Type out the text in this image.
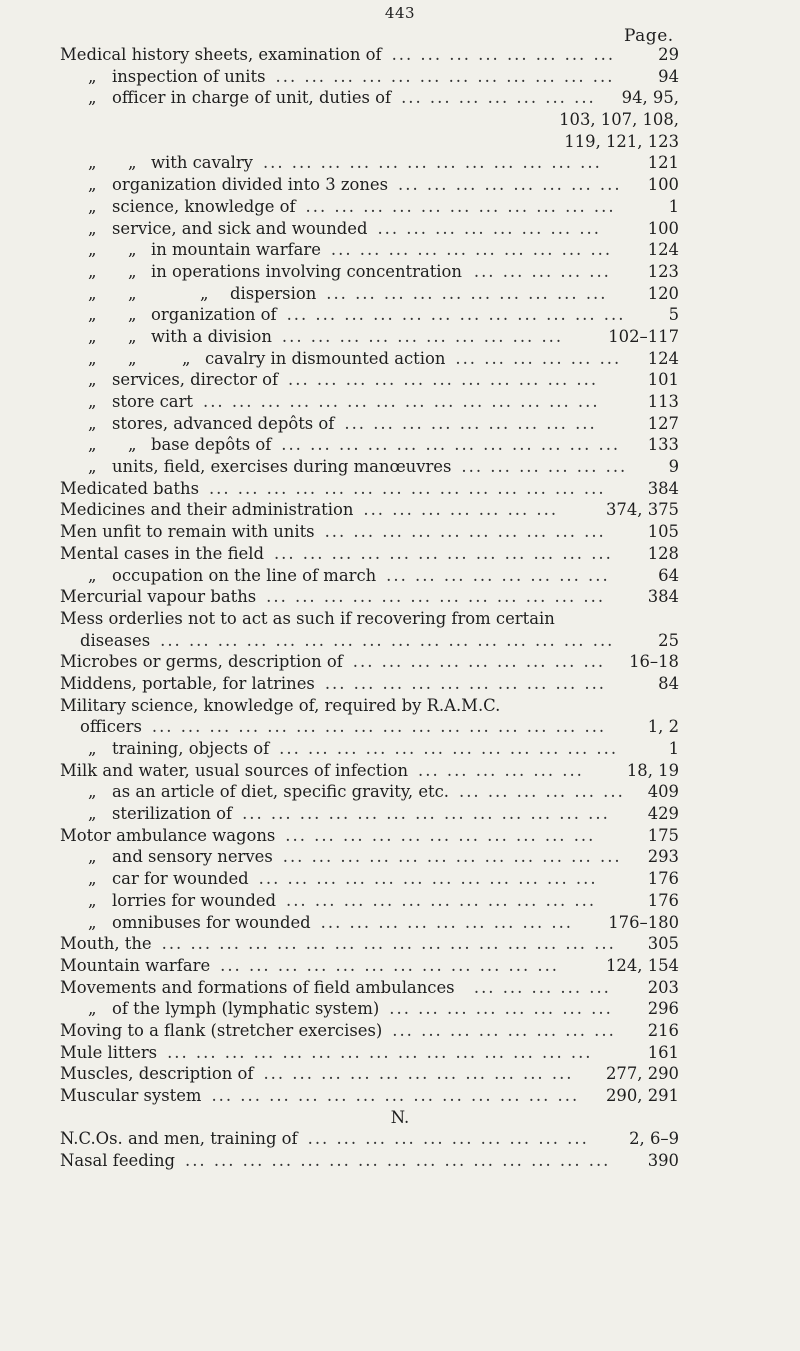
443
Page.
Medical history sheets, examination of	29
... ... ... ... ... ... ... ...
„ inspection of units	94
... ... ... ... ... ... ... ... ... ... ... ...
„ officer in charge of unit, duties of	94, 95,
... ... ... ... ... ... ...
103, 107, 108,
119, 121, 123
„ „ with cavalry	121
... ... ... ... ... ... ... ... ... ... ... ...
„ organization divided into 3 zones	100
... ... ... ... ... ... ... ...
„ science, knowledge of	1
... ... ... ... ... ... ... ... ... ... ...
„ service, and sick and wounded	100
... ... ... ... ... ... ... ...
„ „ in mountain warfare	124
... ... ... ... ... ... ... ... ... ...
„ „ in operations involving concentration	123
... ... ... ... ...
„ „	„ dispersion	120
... ... ... ... ... ... ... ... ... ...
„ „ organization of	5
... ... ... ... ... ... ... ... ... ... ... ...
„ „ with a division	102–117
... ... ... ... ... ... ... ... ... ...
„ „	„ cavalry in dismounted action	124
... ... ... ... ... ...
„ services, director of	101
... ... ... ... ... ... ... ... ... ... ...
„ store cart	113
... ... ... ... ... ... ... ... ... ... ... ... ... ...
„ stores, advanced depôts of	127
... ... ... ... ... ... ... ... ...
„ „ base depôts of	133
... ... ... ... ... ... ... ... ... ... ... ...
„ units, field, exercises during manœuvres	9
... ... ... ... ... ...
Medicated baths	384
... ... ... ... ... ... ... ... ... ... ... ... ... ...
Medicines and their administration	374, 375
... ... ... ... ... ... ...
Men unfit to remain with units	105
... ... ... ... ... ... ... ... ... ...
Mental cases in the field	128
... ... ... ... ... ... ... ... ... ... ... ...
„ occupation on the line of march	64
... ... ... ... ... ... ... ...
Mercurial vapour baths	384
... ... ... ... ... ... ... ... ... ... ... ...
Mess orderlies not to act as such if recovering from certain
diseases	25
... ... ... ... ... ... ... ... ... ... ... ... ... ... ... ...
Microbes or germs, description of	16–18
... ... ... ... ... ... ... ... ...
Middens, portable, for latrines	84
... ... ... ... ... ... ... ... ... ...
Military science, knowledge of, required by R.A.M.C.
officers	1, 2
... ... ... ... ... ... ... ... ... ... ... ... ... ... ... ...
„ training, objects of	1
... ... ... ... ... ... ... ... ... ... ... ...
Milk and water, usual sources of infection	18, 19
... ... ... ... ... ...
„ as an article of diet, specific gravity, etc.	409
... ... ... ... ... ...
„ sterilization of	429
... ... ... ... ... ... ... ... ... ... ... ... ...
Motor ambulance wagons	175
... ... ... ... ... ... ... ... ... ... ...
„ and sensory nerves	293
... ... ... ... ... ... ... ... ... ... ... ...
„ car for wounded	176
... ... ... ... ... ... ... ... ... ... ... ...
„ lorries for wounded	176
... ... ... ... ... ... ... ... ... ... ...
„ omnibuses for wounded	176–180
... ... ... ... ... ... ... ... ...
Mouth, the	305
... ... ... ... ... ... ... ... ... ... ... ... ... ... ... ...
Mountain warfare	124, 154
... ... ... ... ... ... ... ... ... ... ... ...
Movements and formations of field ambulances	203
... ... ... ... ...
„ of the lymph (lymphatic system)	296
... ... ... ... ... ... ... ...
Moving to a flank (stretcher exercises)	216
... ... ... ... ... ... ... ...
Mule litters	161
... ... ... ... ... ... ... ... ... ... ... ... ... ... ...
Muscles, description of	277, 290
... ... ... ... ... ... ... ... ... ... ...
Muscular system	290, 291
... ... ... ... ... ... ... ... ... ... ... ... ...
N.
N.C.Os. and men, training of	2, 6–9
... ... ... ... ... ... ... ... ... ...
Nasal feeding	390
... ... ... ... ... ... ... ... ... ... ... ... ... ... ...
